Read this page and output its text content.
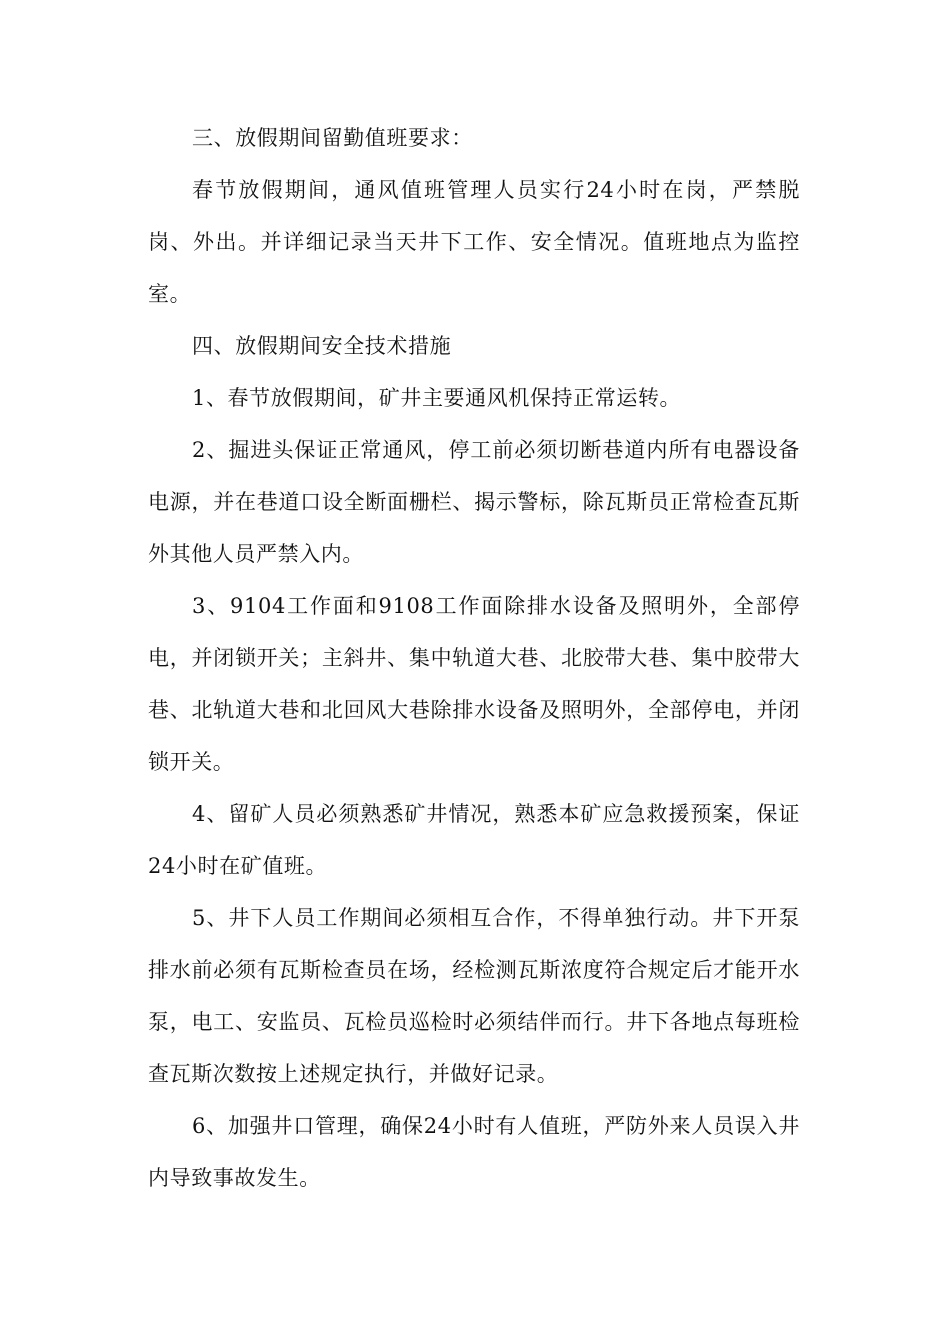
三、放假期间留勤值班要求：

春节放假期间，通风值班管理人员实行24小时在岗，严禁脱岗、外出。并详细记录当天井下工作、安全情况。值班地点为监控室。

四、放假期间安全技术措施

1、春节放假期间，矿井主要通风机保持正常运转。

2、掘进头保证正常通风，停工前必须切断巷道内所有电器设备电源，并在巷道口设全断面栅栏、揭示警标，除瓦斯员正常检查瓦斯外其他人员严禁入内。

3、9104工作面和9108工作面除排水设备及照明外，全部停电，并闭锁开关；主斜井、集中轨道大巷、北胶带大巷、集中胶带大巷、北轨道大巷和北回风大巷除排水设备及照明外，全部停电，并闭锁开关。

4、留矿人员必须熟悉矿井情况，熟悉本矿应急救援预案，保证24小时在矿值班。

5、井下人员工作期间必须相互合作，不得单独行动。井下开泵排水前必须有瓦斯检查员在场，经检测瓦斯浓度符合规定后才能开水泵，电工、安监员、瓦检员巡检时必须结伴而行。井下各地点每班检查瓦斯次数按上述规定执行，并做好记录。

6、加强井口管理，确保24小时有人值班，严防外来人员误入井内导致事故发生。
